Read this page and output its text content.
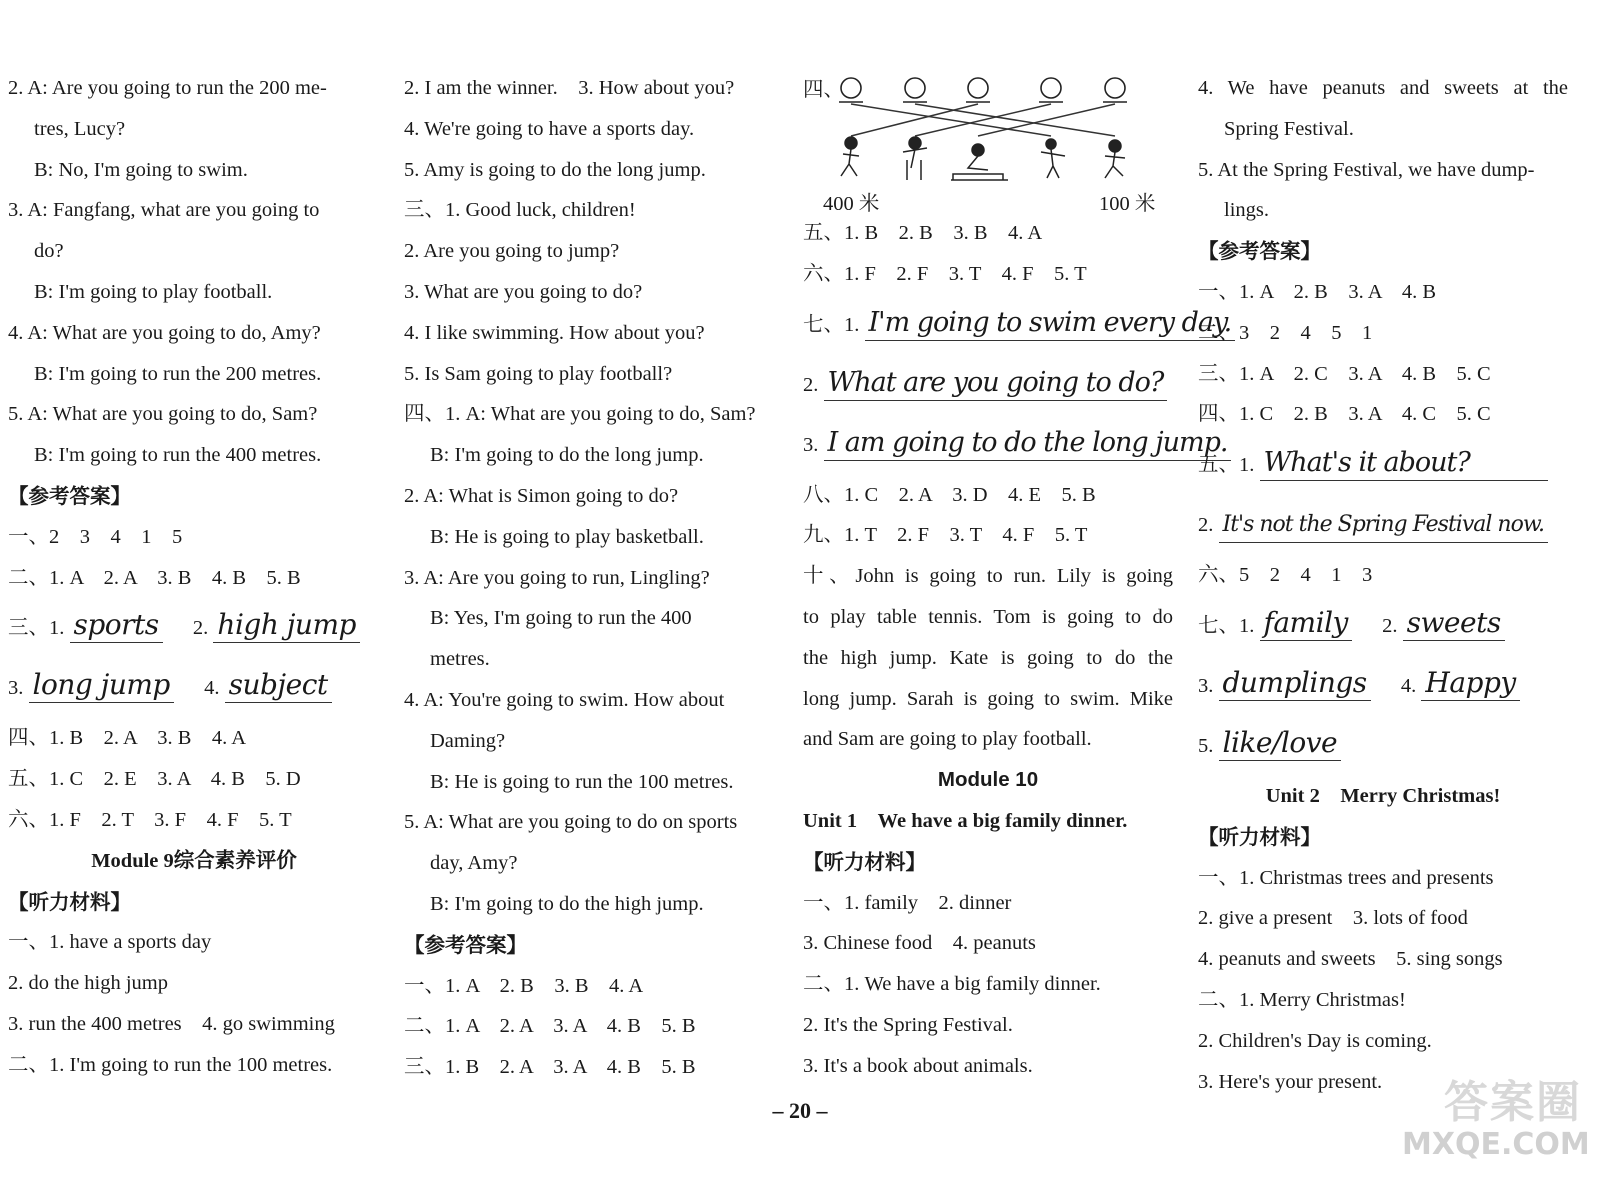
2. A: Are you going to run the 200 me-
tres, Lucy?
B: No, I'm going to swim.
3. A: Fangfang, what are you going to
do?
B: I'm going to play football.
4. A: What are you going to do, Amy?
B: I'm going to run the 200 metres.
5. A: What are you going to do, Sam?
B: I'm going to run the 400 metres.
【参考答案】
一、2　3　4　1　5
二、1. A　2. A　3. B　4. B　5. B
三、1. sports 2. high jump
3. long jump 4. subject
四、1. B　2. A　3. B　4. A
五、1. C　2. E　3. A　4. B　5. D
六、1. F　2. T　3. F　4. F　5. T
Module 9综合素养评价
【听力材料】
一、1. have a sports day
2. do the high jump
3. run the 400 metres　4. go swimming
二、1. I'm going to run the 100 metres.
2. I am the winner.　3. How about you?
4. We're going to have a sports day.
5. Amy is going to do the long jump.
三、1. Good luck, children!
2. Are you going to jump?
3. What are you going to do?
4. I like swimming. How about you?
5. Is Sam going to play football?
四、1. A: What are you going to do, Sam?
B: I'm going to do the long jump.
2. A: What is Simon going to do?
B: He is going to play basketball.
3. A: Are you going to run, Lingling?
B: Yes, I'm going to run the 400
metres.
4. A: You're going to swim. How about
Daming?
B: He is going to run the 100 metres.
5. A: What are you going to do on sports
day, Amy?
B: I'm going to do the high jump.
【参考答案】
一、1. A　2. B　3. B　4. A
二、1. A　2. A　3. A　4. B　5. B
三、1. B　2. A　3. A　4. B　5. B
四、
400 米	100 米
五、1. B　2. B　3. B　4. A
六、1. F　2. F　3. T　4. F　5. T
七、1. I'm going to swim every day.
2. What are you going to do?
3. I am going to do the long jump.
八、1. C　2. A　3. D　4. E　5. B
九、1. T　2. F　3. T　4. F　5. T
十、John is going to run. Lily is going
to play table tennis. Tom is going to do
the high jump. Kate is going to do the
long jump. Sarah is going to swim. Mike
and Sam are going to play football.
Module 10
Unit 1　We have a big family dinner.
【听力材料】
一、1. family　2. dinner
3. Chinese food　4. peanuts
二、1. We have a big family dinner.
2. It's the Spring Festival.
3. It's a book about animals.
4. We have peanuts and sweets at the
Spring Festival.
5. At the Spring Festival, we have dump-
lings.
【参考答案】
一、1. A　2. B　3. A　4. B
二、3　2　4　5　1
三、1. A　2. C　3. A　4. B　5. C
四、1. C　2. B　3. A　4. C　5. C
五、1. What's it about?
2. It's not the Spring Festival now.
六、5　2　4　1　3
七、1. family 2. sweets
3. dumplings 4. Happy
5. like/love
Unit 2　Merry Christmas!
【听力材料】
一、1. Christmas trees and presents
2. give a present　3. lots of food
4. peanuts and sweets　5. sing songs
二、1. Merry Christmas!
2. Children's Day is coming.
3. Here's your present.
– 20 –	答案圈
MXQE.COM
